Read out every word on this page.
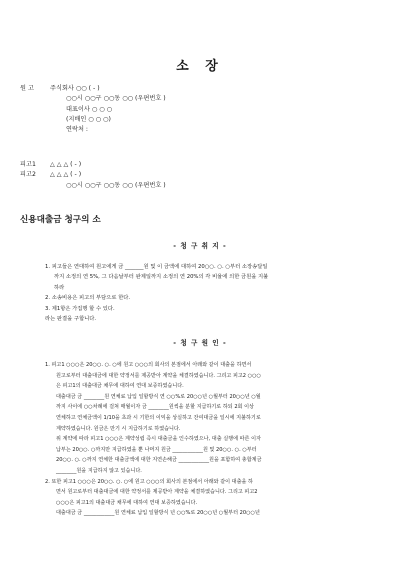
소 장
원 고	주식회사 ○○ ( - )
○○시 ○○구 ○○동 ○○ (우편번호 )
대표이사 ○ ○ ○
(지배인 ○ ○ ○)
연락처 :
피고1	△ △ △ ( - )
피고2	△ △ △ ( - )
○○시 ○○구 ○○동 ○○ (우편번호 )
신용대출금 청구의 소
- 청 구 취 지 -

1. 피고들은 연대하여 원고에게 금 _______원 및 이 금액에 대하여 20○○. ○. ○부터 소장송달일

까지 소정의 연 5%, 그 다음날부터 완제일까지 소정의 연 20%의 각 비율에 의한 금원을 지불

하라

2. 소송비용은 피고의 부담으로 한다.

3. 제1항은 가집행 할 수 있다.

라는 판결을 구합니다.

- 청 구 원 인 -

1. 피고1 ○○○은 20○○. ○. ○에 원고 ○○○의 회사의 본점에서 아래와 같이 대출을 하면서

원고로부터 대출대금에 대한 약정서를 제공받아 계약을 체결하였습니다. 그리고 피고2 ○○○

은 피고1의 대출대금 채무에 대하여 연대 보증하였습니다.

대출대금 금 ________원 연체료 납입 일할방식 연 ○○%로 20○○년 ○월부터 20○○년 ○월

까지 사이에 ○○차례에 걸쳐 매월이자 금 ________원씩을 분할 지급하기로 하되 2회 이상

연체하고 연체금액이 1/10을 초과 시 기한의 이익을 상실하고 잔여대금을 일시에 지불하기로

계약하였습니다. 원금은 만기 시 지급하기로 하였습니다.

위 계약에 따라 피고1 ○○○은 계약성립 즉시 대출금을 인수하였으나, 대출 실행에 따른 이자

납부는 20○○. ○까지만 지급하였을 뿐 나머지 원금 ____________원 및 20○○. ○. ○부터

20○○. ○. ○까지 연체한 대출금액에 대한 지연손해금 ____________원을 포함하여 총합계금

________원을 지급하지 않고 있습니다.

2. 또한 피고1 ○○○은 20○○. ○. ○에 원고 ○○○의 회사의 본점에서 아래와 같이 대출을 하

면서 원고로부터 대출대금에 대한 약정서를 제공받아 계약을 체결하였습니다. 그리고 피고2

○○○은 피고1의 대출대금 채무에 대하여 연대 보증하였습니다.

대출대금 금 ____________원 연체료 납입 일할방식 년 ○○%로 20○○년 ○월부터 20○○년
